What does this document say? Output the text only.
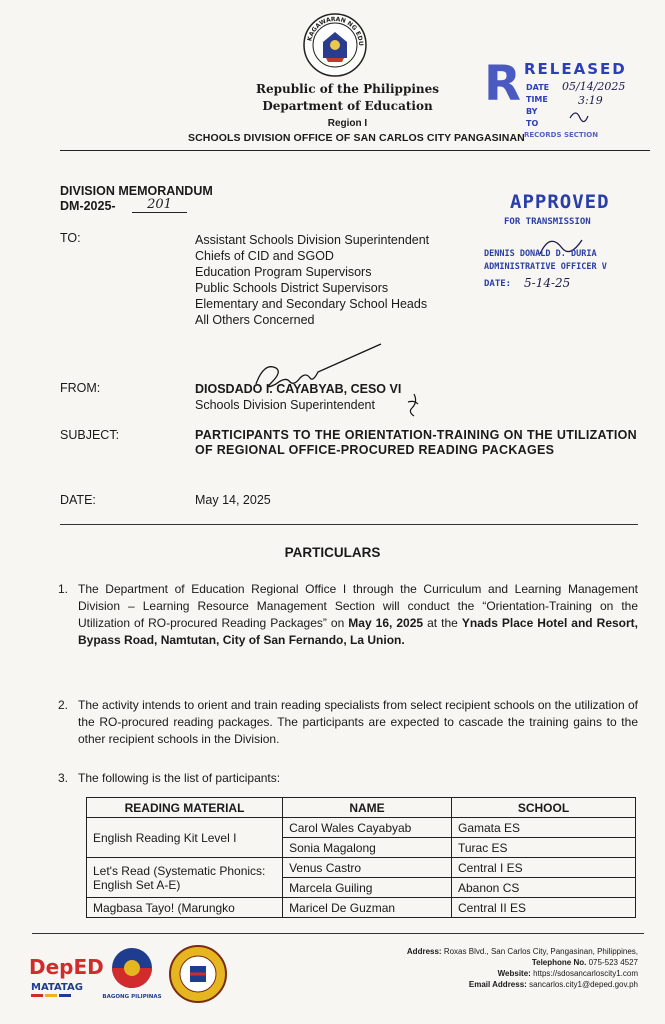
KAGAWARAN NG EDU
Republic of the Philippines
Department of Education
Region I
SCHOOLS DIVISION OFFICE OF SAN CARLOS CITY PANGASINAN
R RELEASED
DATE
TIME
BY
TO
05/14/2025
3:19
RECORDS SECTION
APPROVED
FOR TRANSMISSION
DENNIS DONALD D. DURIA
ADMINISTRATIVE OFFICER V
DATE: 5-14-25
DIVISION MEMORANDUM
DM-2025-	201
TO:	Assistant Schools Division Superintendent
Chiefs of CID and SGOD
Education Program Supervisors
Public Schools District Supervisors
Elementary and Secondary School Heads
All Others Concerned
FROM:	DIOSDADO I. CAYABYAB, CESO VI
Schools Division Superintendent
SUBJECT:	PARTICIPANTS TO THE ORIENTATION-TRAINING ON THE UTILIZATION OF REGIONAL OFFICE-PROCURED READING PACKAGES
DATE:	May 14, 2025
PARTICULARS
1. The Department of Education Regional Office I through the Curriculum and Learning Management Division – Learning Resource Management Section will conduct the “Orientation-Training on the Utilization of RO-procured Reading Packages” on May 16, 2025 at the Ynads Place Hotel and Resort, Bypass Road, Namtutan, City of San Fernando, La Union.
2. The activity intends to orient and train reading specialists from select recipient schools on the utilization of the RO-procured reading packages. The participants are expected to cascade the training gains to the other recipient schools in the Division.
3. The following is the list of participants:
READING MATERIAL	NAME	SCHOOL
English Reading Kit Level I	Carol Wales Cayabyab	Gamata ES
	Sonia Magalong	Turac ES
Let's Read (Systematic Phonics: English Set A-E)	Venus Castro	Central I ES
	Marcela Guiling	Abanon CS
Magbasa Tayo! (Marungko	Maricel De Guzman	Central II ES
DepED
MATATAG
BAGONG PILIPINAS
Address: Roxas Blvd., San Carlos City, Pangasinan, Philippines,
Telephone No. 075-523 4527
Website: https://sdosancarloscity1.com
Email Address: sancarlos.city1@deped.gov.ph
